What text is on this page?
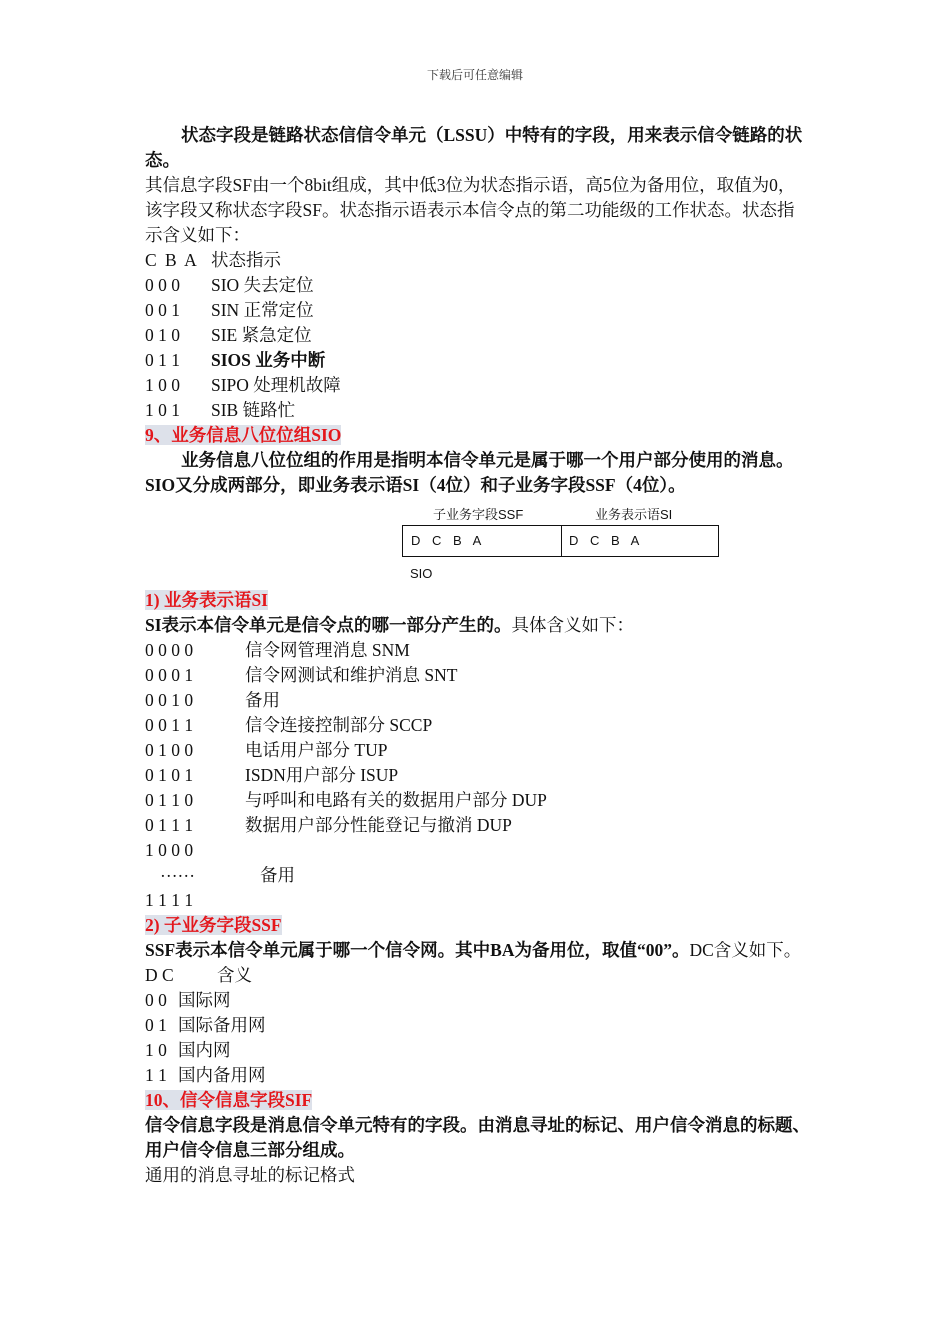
下载后可任意编辑
状态字段是链路状态信信令单元（LSSU）中特有的字段，用来表示信令链路的状态。
其信息字段SF由一个8bit组成，其中低3位为状态指示语，高5位为备用位，取值为0，该字段又称状态字段SF。状态指示语表示本信令点的第二功能级的工作状态。状态指示含义如下：
C B A 状态指示
0 0 0 SIO 失去定位
0 0 1 SIN 正常定位
0 1 0 SIE 紧急定位
0 1 1 SIOS 业务中断
1 0 0 SIPO 处理机故障
1 0 1 SIB 链路忙
9、业务信息八位位组SIO
业务信息八位位组的作用是指明本信令单元是属于哪一个用户部分使用的消息。SIO又分成两部分，即业务表示语SI（4位）和子业务字段SSF（4位）。
子业务字段SSF	业务表示语SI
D C B A	D C B A
SIO
1) 业务表示语SI
SI表示本信令单元是信令点的哪一部分产生的。具体含义如下：
0 0 0 0	信令网管理消息 SNM
0 0 0 1	信令网测试和维护消息 SNT
0 0 1 0	备用
0 0 1 1	信令连接控制部分 SCCP
0 1 0 0	电话用户部分 TUP
0 1 0 1	ISDN用户部分 ISUP
0 1 1 0	与呼叫和电路有关的数据用户部分 DUP
0 1 1 1	数据用户部分性能登记与撤消 DUP
1 0 0 0
……	备用
1 1 1 1
2) 子业务字段SSF
SSF表示本信令单元属于哪一个信令网。其中BA为备用位，取值“00”。DC含义如下。
D C 含义
0 0 国际网
0 1 国际备用网
1 0 国内网
1 1 国内备用网
10、信令信息字段SIF
信令信息字段是消息信令单元特有的字段。由消息寻址的标记、用户信令消息的标题、用户信令信息三部分组成。
通用的消息寻址的标记格式
